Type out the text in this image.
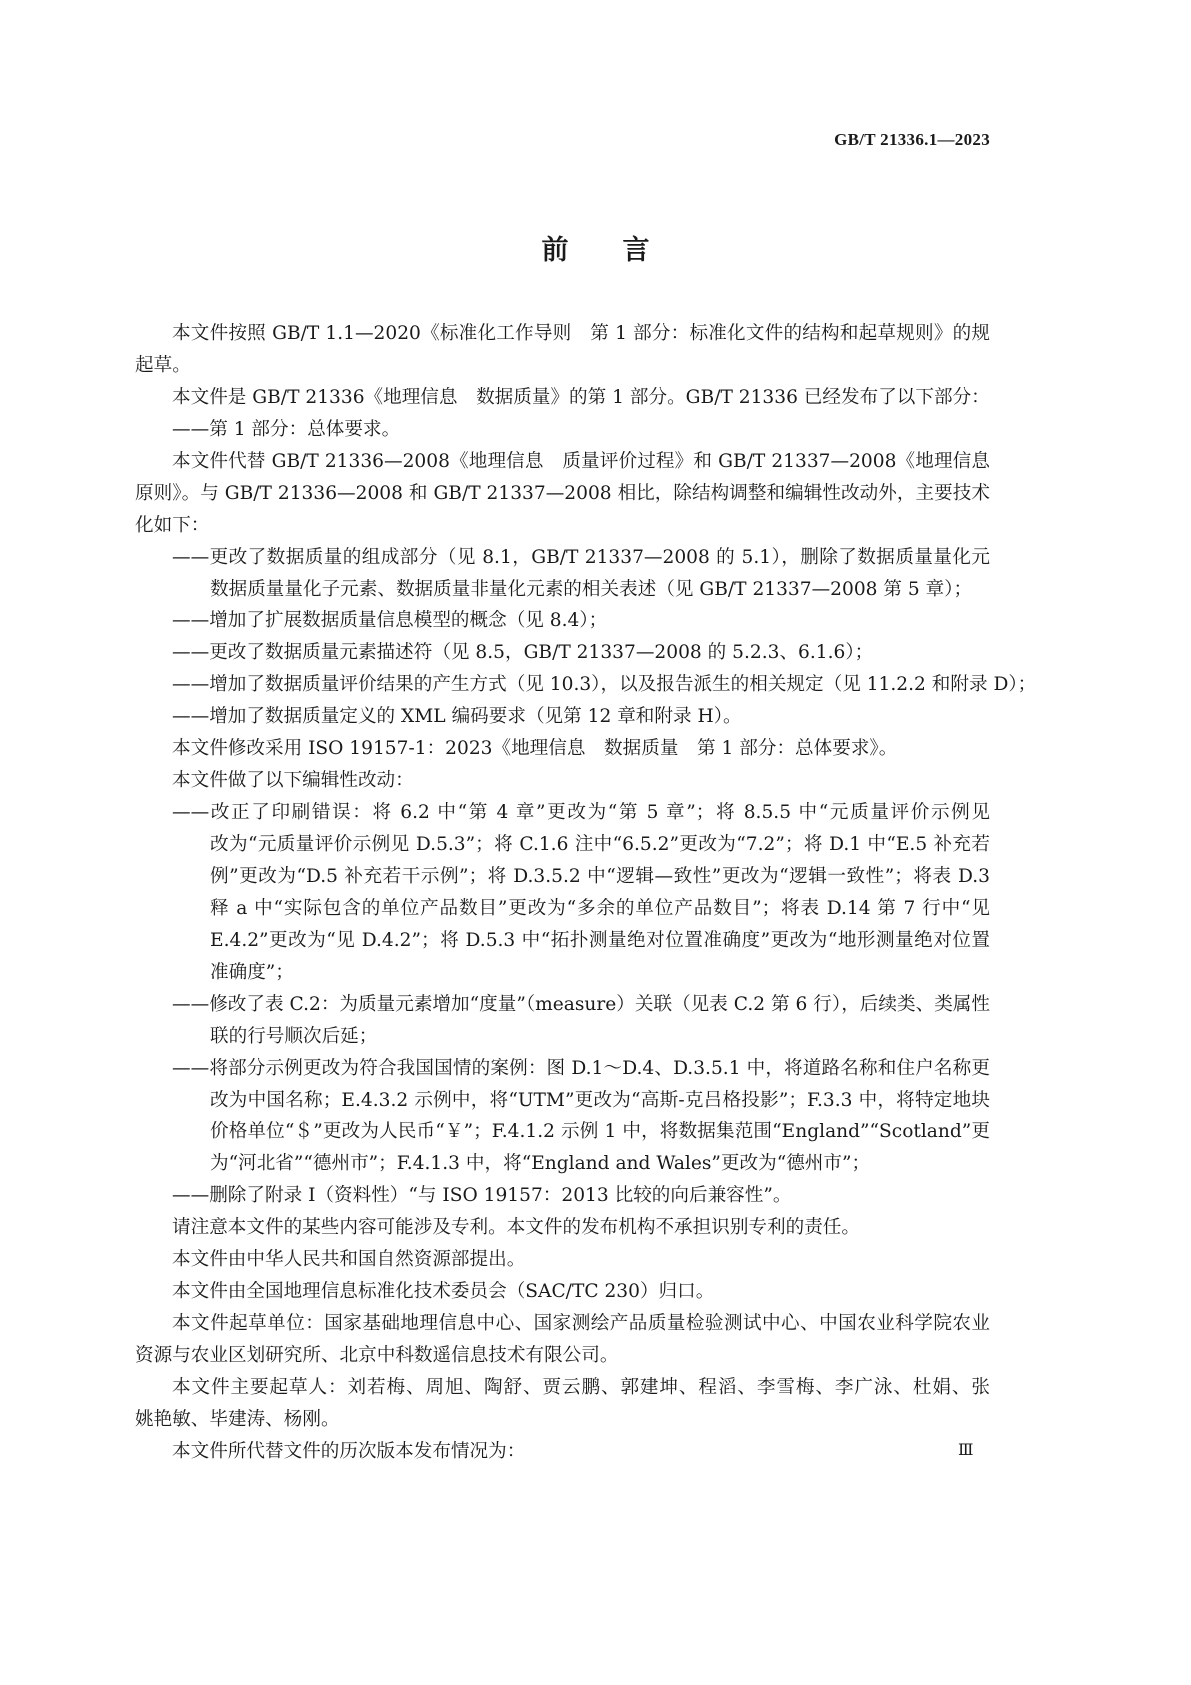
GB/T 21336.1—2023
前言
本文件按照 GB/T 1.1—2020《标准化工作导则　第 1 部分：标准化文件的结构和起草规则》的规
起草。
本文件是 GB/T 21336《地理信息　数据质量》的第 1 部分。GB/T 21336 已经发布了以下部分：
——第 1 部分：总体要求。
本文件代替 GB/T 21336—2008《地理信息　质量评价过程》和 GB/T 21337—2008《地理信息
原则》。与 GB/T 21336—2008 和 GB/T 21337—2008 相比，除结构调整和编辑性改动外，主要技术
化如下：
——更改了数据质量的组成部分（见 8.1，GB/T 21337—2008 的 5.1），删除了数据质量量化元
数据质量量化子元素、数据质量非量化元素的相关表述（见 GB/T 21337—2008 第 5 章）；
——增加了扩展数据质量信息模型的概念（见 8.4）；
——更改了数据质量元素描述符（见 8.5，GB/T 21337—2008 的 5.2.3、6.1.6）；
——增加了数据质量评价结果的产生方式（见 10.3），以及报告派生的相关规定（见 11.2.2 和附录 D）；
——增加了数据质量定义的 XML 编码要求（见第 12 章和附录 H）。
本文件修改采用 ISO 19157-1：2023《地理信息　数据质量　第 1 部分：总体要求》。
本文件做了以下编辑性改动：
——改正了印刷错误：将 6.2 中“第 4 章”更改为“第 5 章”；将 8.5.5 中“元质量评价示例见
改为“元质量评价示例见 D.5.3”；将 C.1.6 注中“6.5.2”更改为“7.2”；将 D.1 中“E.5 补充若
例”更改为“D.5 补充若干示例”；将 D.3.5.2 中“逻辑—致性”更改为“逻辑一致性”；将表 D.3
释 a 中“实际包含的单位产品数目”更改为“多余的单位产品数目”；将表 D.14 第 7 行中“见
E.4.2”更改为“见 D.4.2”；将 D.5.3 中“拓扑测量绝对位置准确度”更改为“地形测量绝对位置
准确度”；
——修改了表 C.2：为质量元素增加“度量”（measure）关联（见表 C.2 第 6 行），后续类、类属性
联的行号顺次后延；
——将部分示例更改为符合我国国情的案例：图 D.1～D.4、D.3.5.1 中，将道路名称和住户名称更
改为中国名称；E.4.3.2 示例中，将“UTM”更改为“高斯-克吕格投影”；F.3.3 中，将特定地块
价格单位“＄”更改为人民币“￥”；F.4.1.2 示例 1 中，将数据集范围“England”“Scotland”更
为“河北省”“德州市”；F.4.1.3 中，将“England and Wales”更改为“德州市”；
——删除了附录 I（资料性）“与 ISO 19157：2013 比较的向后兼容性”。
请注意本文件的某些内容可能涉及专利。本文件的发布机构不承担识别专利的责任。
本文件由中华人民共和国自然资源部提出。
本文件由全国地理信息标准化技术委员会（SAC/TC 230）归口。
本文件起草单位：国家基础地理信息中心、国家测绘产品质量检验测试中心、中国农业科学院农业
资源与农业区划研究所、北京中科数遥信息技术有限公司。
本文件主要起草人：刘若梅、周旭、陶舒、贾云鹏、郭建坤、程滔、李雪梅、李广泳、杜娟、张
姚艳敏、毕建涛、杨刚。
本文件所代替文件的历次版本发布情况为：	Ⅲ
